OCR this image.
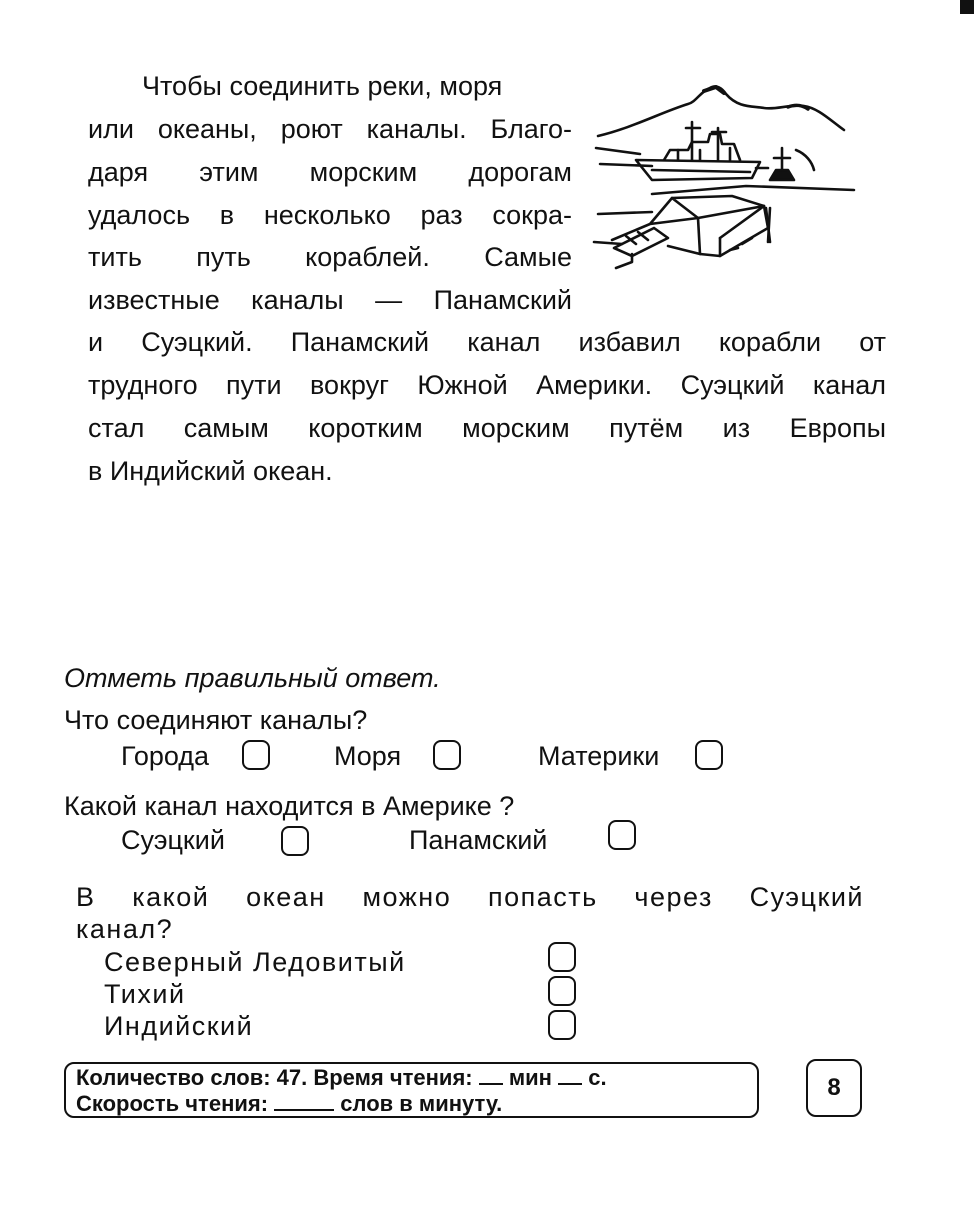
Чтобы соединить реки, моря
или океаны, роют каналы. Благо-
даря этим морским дорогам
удалось в несколько раз сокра-
тить путь кораблей. Самые
известные каналы — Панамский
и Суэцкий. Панамский канал избавил корабли от
трудного пути вокруг Южной Америки. Суэцкий канал
стал самым коротким морским путём из Европы
в Индийский океан.
Отметь правильный ответ.
Что соединяют каналы?
Города	Моря	Материки
Какой канал находится в Америке ?
Суэцкий	Панамский
В какой океан можно попасть через Суэцкий
канал?
Северный Ледовитый
Тихий
Индийский
Количество слов: 47. Время чтения: мин с.
Скорость чтения:	слов в минуту.
8
